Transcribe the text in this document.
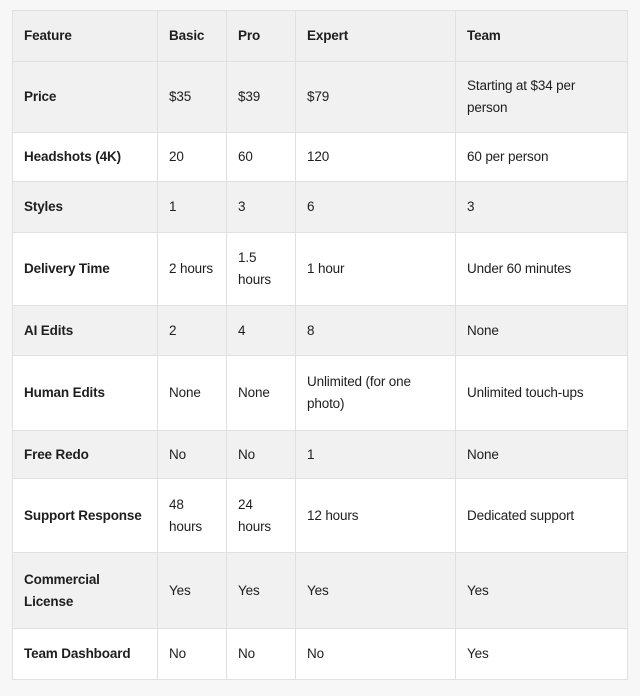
Feature	Basic	Pro	Expert	Team
Price	$35	$39	$79	Starting at $34 per person
Headshots (4K)	20	60	120	60 per person
Styles	1	3	6	3
Delivery Time	2 hours	1.5 hours	1 hour	Under 60 minutes
AI Edits	2	4	8	None
Human Edits	None	None	Unlimited (for one photo)	Unlimited touch-ups
Free Redo	No	No	1	None
Support Response	48 hours	24 hours	12 hours	Dedicated support
Commercial License	Yes	Yes	Yes	Yes
Team Dashboard	No	No	No	Yes
